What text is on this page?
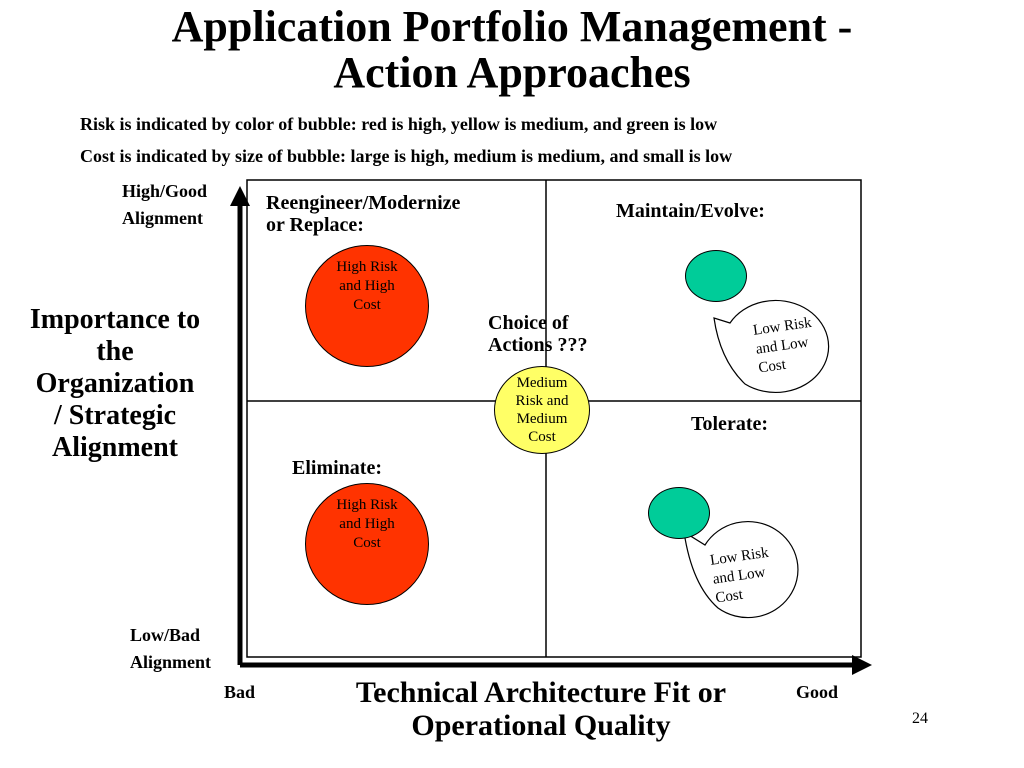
Application Portfolio Management -
Action Approaches
Risk is indicated by color of bubble: red is high, yellow is medium, and green is low
Cost is indicated by size of bubble: large is high, medium is medium, and small is low
High/Good
Alignment
Low/Bad
Alignment
Bad	Good
Importance to
the
Organization
/ Strategic
Alignment
Technical Architecture Fit or
Operational Quality
Reengineer/Modernize
or Replace:
Maintain/Evolve:
Eliminate:
Tolerate:
Choice of
Actions ???
High Risk
and High
Cost
High Risk
and High
Cost
Medium
Risk and
Medium
Cost
Low Risk
and Low
Cost
Low Risk
and Low
Cost
24
